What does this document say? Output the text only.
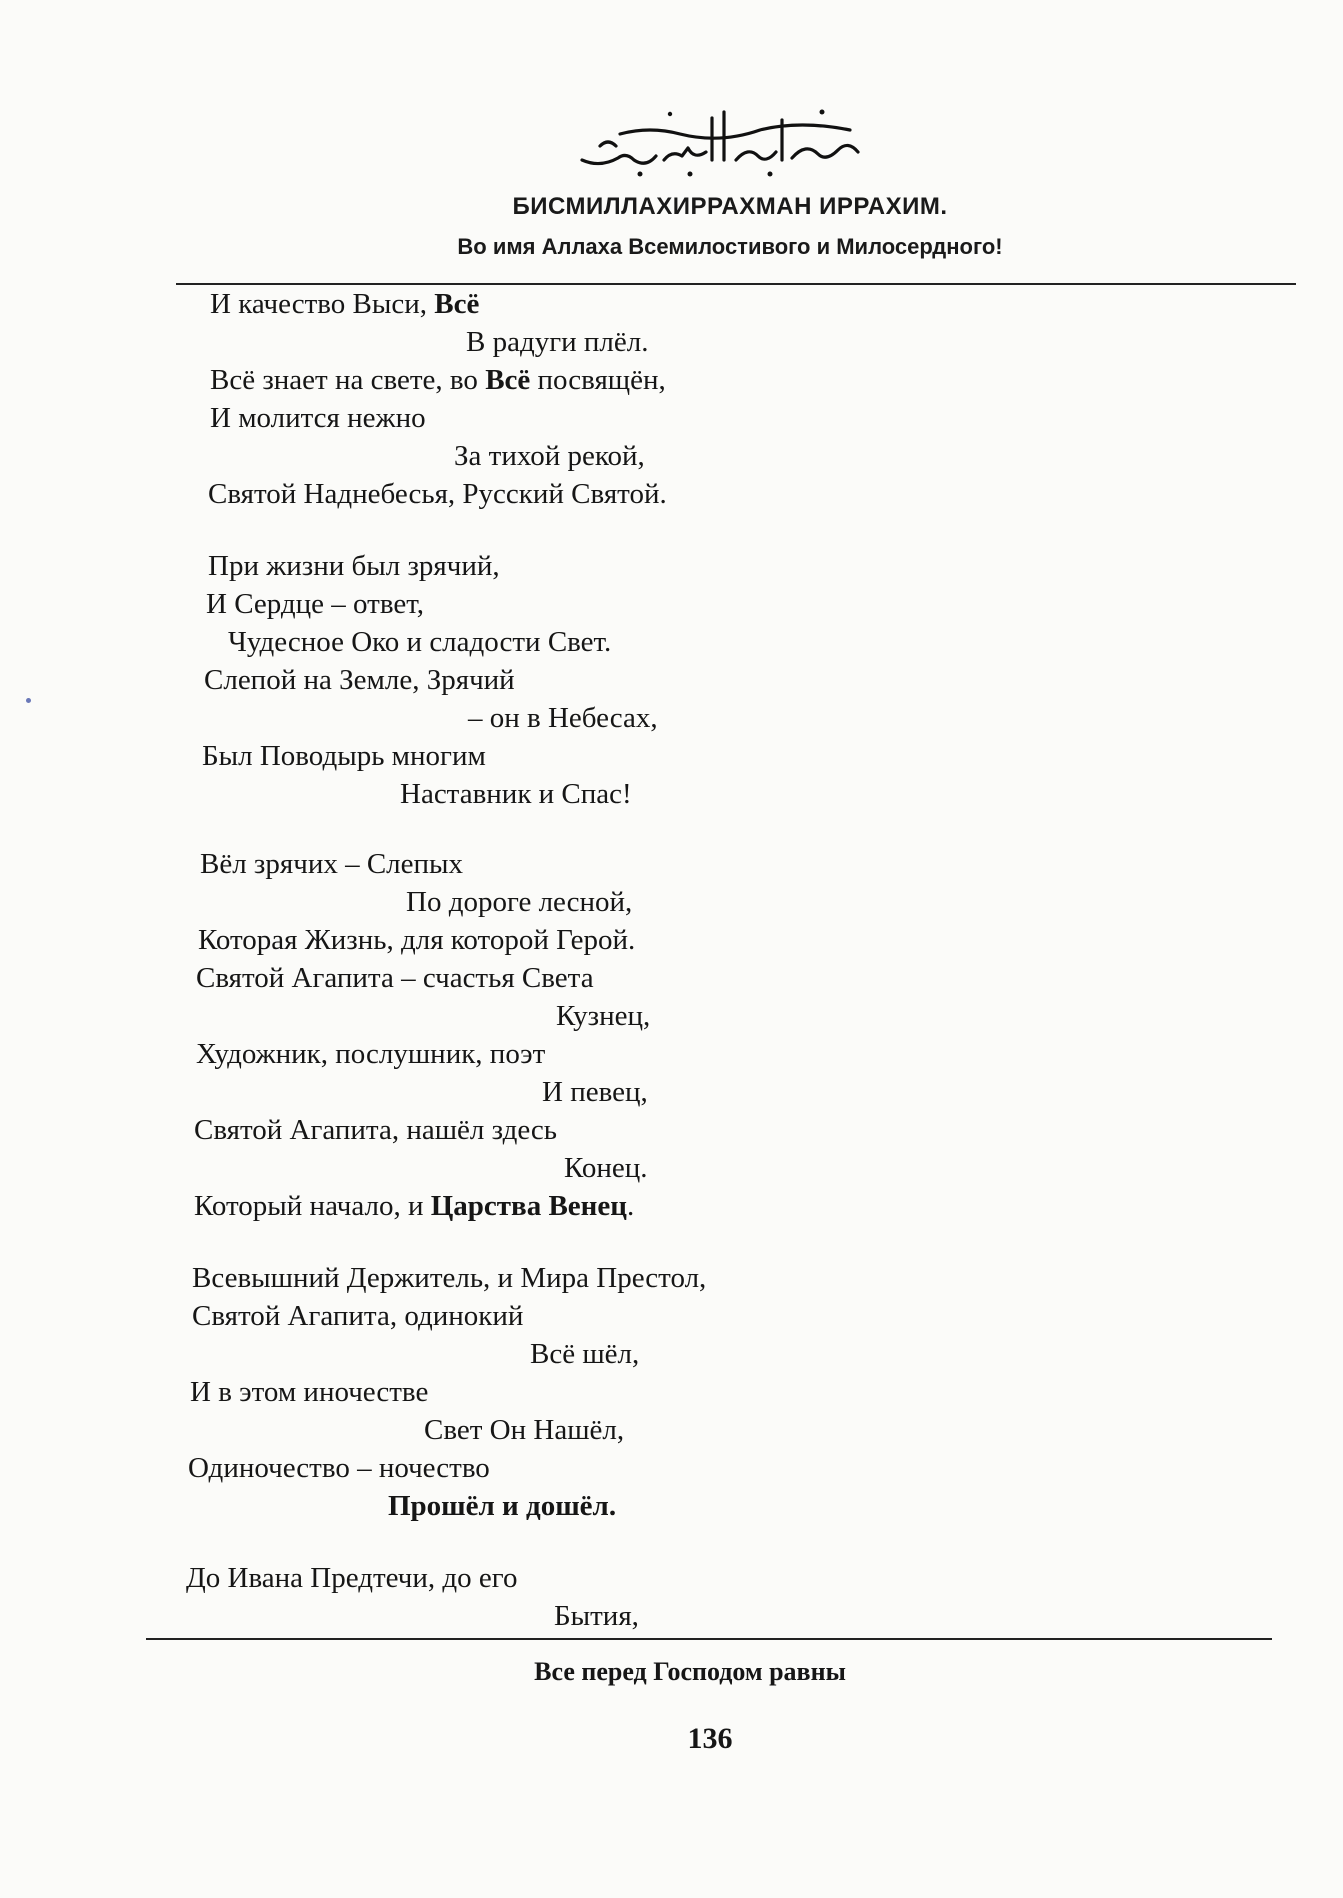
БИСМИЛЛАХИРРАХМАН ИРРАХИМ.
Во имя Аллаха Всемилостивого и Милосердного!
И качество Выси, Всё
В радуги плёл.
Всё знает на свете, во Всё посвящён,
И молится нежно
За тихой рекой,
Святой Наднебесья, Русский Святой.
При жизни был зрячий,
И Сердце – ответ,
Чудесное Око и сладости Свет.
Слепой на Земле, Зрячий
– он в Небесах,
Был Поводырь многим
Наставник и Спас!
Вёл зрячих – Слепых
По дороге лесной,
Которая Жизнь, для которой Герой.
Святой Агапита – счастья Света
Кузнец,
Художник, послушник, поэт
И певец,
Святой Агапита, нашёл здесь
Конец.
Который начало, и Царства Венец.
Всевышний Держитель, и Мира Престол,
Святой Агапита, одинокий
Всё шёл,
И в этом иночестве
Свет Он Нашёл,
Одиночество – ночество
Прошёл и дошёл.
До Ивана Предтечи, до его
Бытия,
Все перед Господом равны
136
